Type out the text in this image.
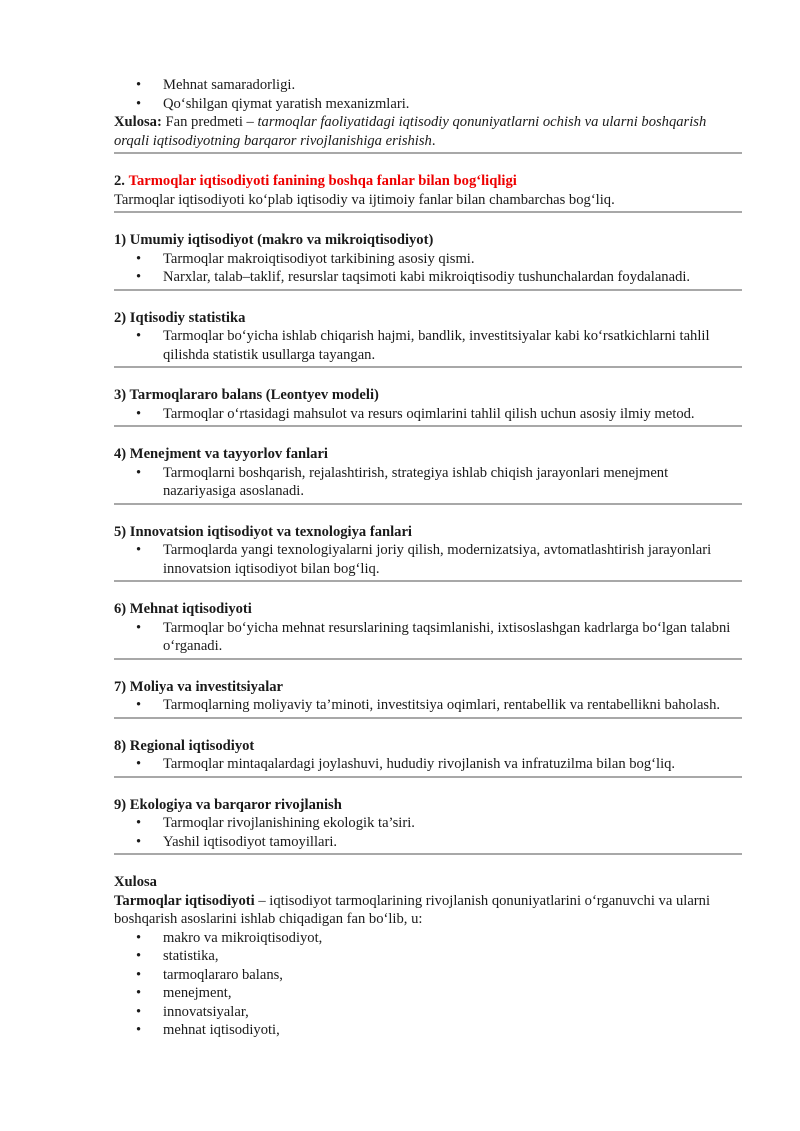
• Mehnat samaradorligi.
• Qo‘shilgan qiymat yaratish mexanizmlari.
Xulosa: Fan predmeti – tarmoqlar faoliyatidagi iqtisodiy qonuniyatlarni ochish va ularni boshqarish orqali iqtisodiyotning barqaror rivojlanishiga erishish.
2. Tarmoqlar iqtisodiyoti fanining boshqa fanlar bilan bog‘liqligi
Tarmoqlar iqtisodiyoti ko‘plab iqtisodiy va ijtimoiy fanlar bilan chambarchas bog‘liq.
1) Umumiy iqtisodiyot (makro va mikroiqtisodiyot)
• Tarmoqlar makroiqtisodiyot tarkibining asosiy qismi.
• Narxlar, talab–taklif, resurslar taqsimoti kabi mikroiqtisodiy tushunchalardan foydalanadi.
2) Iqtisodiy statistika
• Tarmoqlar bo‘yicha ishlab chiqarish hajmi, bandlik, investitsiyalar kabi ko‘rsatkichlarni tahlil qilishda statistik usullarga tayangan.
3) Tarmoqlararo balans (Leontyev modeli)
• Tarmoqlar o‘rtasidagi mahsulot va resurs oqimlarini tahlil qilish uchun asosiy ilmiy metod.
4) Menejment va tayyorlov fanlari
• Tarmoqlarni boshqarish, rejalashtirish, strategiya ishlab chiqish jarayonlari menejment nazariyasiga asoslanadi.
5) Innovatsion iqtisodiyot va texnologiya fanlari
• Tarmoqlarda yangi texnologiyalarni joriy qilish, modernizatsiya, avtomatlashtirish jarayonlari innovatsion iqtisodiyot bilan bog‘liq.
6) Mehnat iqtisodiyoti
• Tarmoqlar bo‘yicha mehnat resurslarining taqsimlanishi, ixtisoslashgan kadrlarga bo‘lgan talabni o‘rganadi.
7) Moliya va investitsiyalar
• Tarmoqlarning moliyaviy ta’minoti, investitsiya oqimlari, rentabellik va rentabellikni baholash.
8) Regional iqtisodiyot
• Tarmoqlar mintaqalardagi joylashuvi, hududiy rivojlanish va infratuzilma bilan bog‘liq.
9) Ekologiya va barqaror rivojlanish
• Tarmoqlar rivojlanishining ekologik ta’siri.
• Yashil iqtisodiyot tamoyillari.
Xulosa
Tarmoqlar iqtisodiyoti – iqtisodiyot tarmoqlarining rivojlanish qonuniyatlarini o‘rganuvchi va ularni boshqarish asoslarini ishlab chiqadigan fan bo‘lib, u:
• makro va mikroiqtisodiyot,
• statistika,
• tarmoqlararo balans,
• menejment,
• innovatsiyalar,
• mehnat iqtisodiyoti,
